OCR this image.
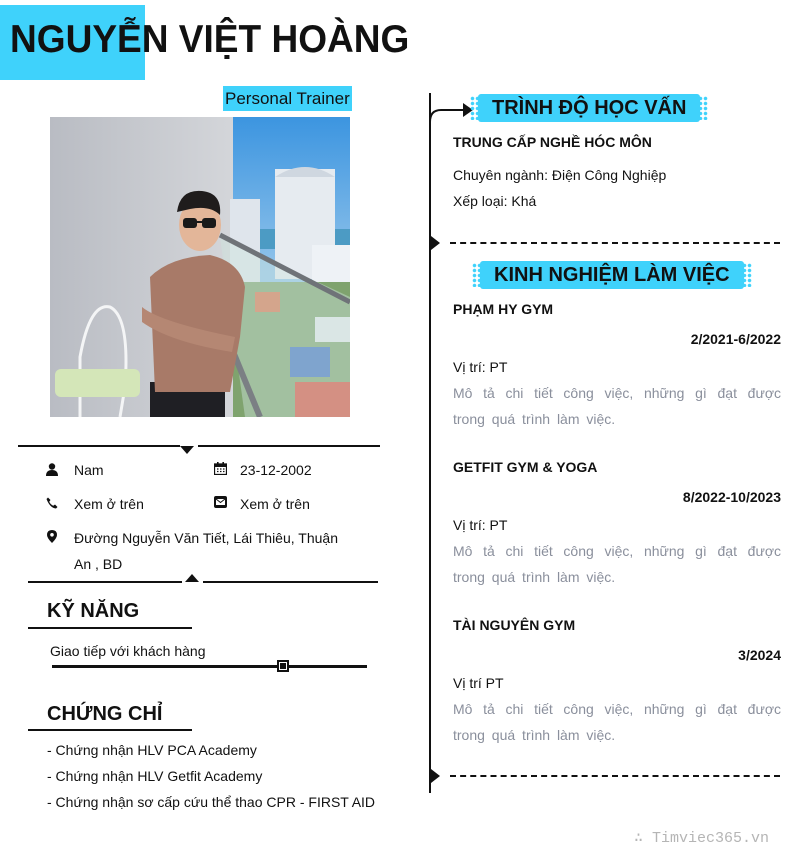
NGUYỄN VIỆT HOÀNG
Personal Trainer
Nam	23-12-2002
Xem ở trên	Xem ở trên
Đường Nguyễn Văn Tiết, Lái Thiêu, Thuận
An , BD
KỸ NĂNG
Giao tiếp với khách hàng
CHỨNG CHỈ
- Chứng nhận HLV PCA Academy
- Chứng nhận HLV Getfit Academy
- Chứng nhận sơ cấp cứu thể thao CPR - FIRST AID
TRÌNH ĐỘ HỌC VẤN
TRUNG CẤP NGHỀ HÓC MÔN
Chuyên ngành: Điện Công Nghiệp
Xếp loại: Khá
KINH NGHIỆM LÀM VIỆC
PHẠM HY GYM
2/2021-6/2022
Vị trí: PT
Mô tả chi tiết công việc, những gì đạt được trong quá trình làm việc.
GETFIT GYM & YOGA
8/2022-10/2023
Vị trí: PT
Mô tả chi tiết công việc, những gì đạt được trong quá trình làm việc.
TÀI NGUYÊN GYM
3/2024
Vị trí PT
Mô tả chi tiết công việc, những gì đạt được trong quá trình làm việc.
∴ Timviec365.vn
